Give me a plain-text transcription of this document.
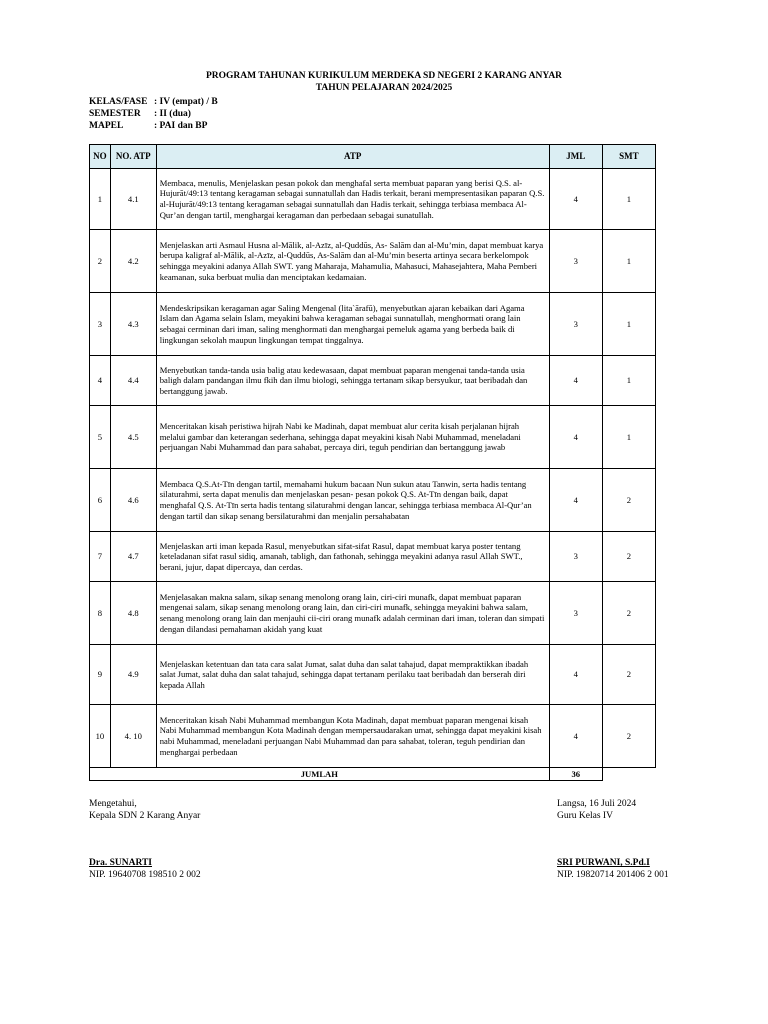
PROGRAM TAHUNAN KURIKULUM MERDEKA SD NEGERI 2 KARANG ANYAR
TAHUN PELAJARAN 2024/2025
KELAS/FASE : IV (empat) / B
SEMESTER	: II (dua)
MAPEL	: PAI dan BP
NO	NO. ATP	ATP	JML	SMT
1	4.1	Membaca, menulis, Menjelaskan pesan pokok dan menghafal serta membuat paparan yang berisi Q.S. al-Hujurāt/49:13 tentang keragaman sebagai sunnatullah dan Hadis terkait, berani mempresentasikan paparan Q.S. al-Hujurāt/49:13 tentang keragaman sebagai sunnatullah dan Hadis terkait, sehingga terbiasa membaca Al-Qur’an dengan tartil, menghargai keragaman dan perbedaan sebagai sunatullah.	4	1
2	4.2	Menjelaskan arti Asmaul Husna al-Mālik, al-Azīz, al-Quddūs, As- Salām dan al-Mu’min, dapat membuat karya berupa kaligraf al-Mālik, al-Azīz, al-Quddūs, As-Salām dan al-Mu’min beserta artinya secara berkelompok sehingga meyakini adanya Allah SWT. yang Maharaja, Mahamulia, Mahasuci, Mahasejahtera, Maha Pemberi keamanan, suka berbuat mulia dan menciptakan kedamaian.	3	1
3	4.3	Mendeskripsikan keragaman agar Saling Mengenal (lita`ārafū), menyebutkan ajaran kebaikan dari Agama Islam dan Agama selain Islam, meyakini bahwa keragaman sebagai sunnatullah, menghormati orang lain sebagai cerminan dari iman, saling menghormati dan menghargai pemeluk agama yang berbeda baik di lingkungan sekolah maupun lingkungan tempat tinggalnya.	3	1
4	4.4	Menyebutkan tanda-tanda usia balig atau kedewasaan, dapat membuat paparan mengenai tanda-tanda usia baligh dalam pandangan ilmu fkih dan ilmu biologi, sehingga tertanam sikap bersyukur, taat beribadah dan bertanggung jawab.	4	1
5	4.5	Menceritakan kisah peristiwa hijrah Nabi ke Madinah, dapat membuat alur cerita kisah perjalanan hijrah melalui gambar dan keterangan sederhana, sehingga dapat meyakini kisah Nabi Muhammad, meneladani perjuangan Nabi Muhammad dan para sahabat, percaya diri, teguh pendirian dan bertanggung jawab	4	1
6	4.6	Membaca Q.S.At-Tīn dengan tartil, memahami hukum bacaan Nun sukun atau Tanwin, serta hadis tentang silaturahmi, serta dapat menulis dan menjelaskan pesan- pesan pokok Q.S. At-Tīn dengan baik, dapat menghafal Q.S. At-Tīn serta hadis tentang silaturahmi dengan lancar, sehingga terbiasa membaca Al-Qur’an dengan tartil dan sikap senang bersilaturahmi dan menjalin persahabatan	4	2
7	4.7	Menjelaskan arti iman kepada Rasul, menyebutkan sifat-sifat Rasul, dapat membuat karya poster tentang keteladanan sifat rasul sidiq, amanah, tabligh, dan fathonah, sehingga meyakini adanya rasul Allah SWT., berani, jujur, dapat dipercaya, dan cerdas.	3	2
8	4.8	Menjelasakan makna salam, sikap senang menolong orang lain, ciri-ciri munafk, dapat membuat paparan mengenai salam, sikap senang menolong orang lain, dan ciri-ciri munafk, sehingga meyakini bahwa salam, senang menolong orang lain dan menjauhi cii-ciri orang munafk adalah cerminan dari iman, toleran dan simpati dengan dilandasi pemahaman akidah yang kuat	3	2
9	4.9	Menjelaskan ketentuan dan tata cara salat Jumat, salat duha dan salat tahajud, dapat mempraktikkan ibadah salat Jumat, salat duha dan salat tahajud, sehingga dapat tertanam perilaku taat beribadah dan berserah diri kepada Allah	4	2
10	4. 10	Menceritakan kisah Nabi Muhammad membangun Kota Madinah, dapat membuat paparan mengenai kisah Nabi Muhammad membangun Kota Madinah dengan mempersaudarakan umat, sehingga dapat meyakini kisah nabi Muhammad, meneladani perjuangan Nabi Muhammad dan para sahabat, toleran, teguh pendirian dan menghargai perbedaan	4	2
JUMLAH			36	
Mengetahui,
Kepala SDN 2 Karang Anyar
Dra. SUNARTI
NIP. 19640708 198510 2 002
Langsa, 16 Juli 2024
Guru Kelas IV
SRI PURWANI, S.Pd.I
NIP. 19820714 201406 2 001
